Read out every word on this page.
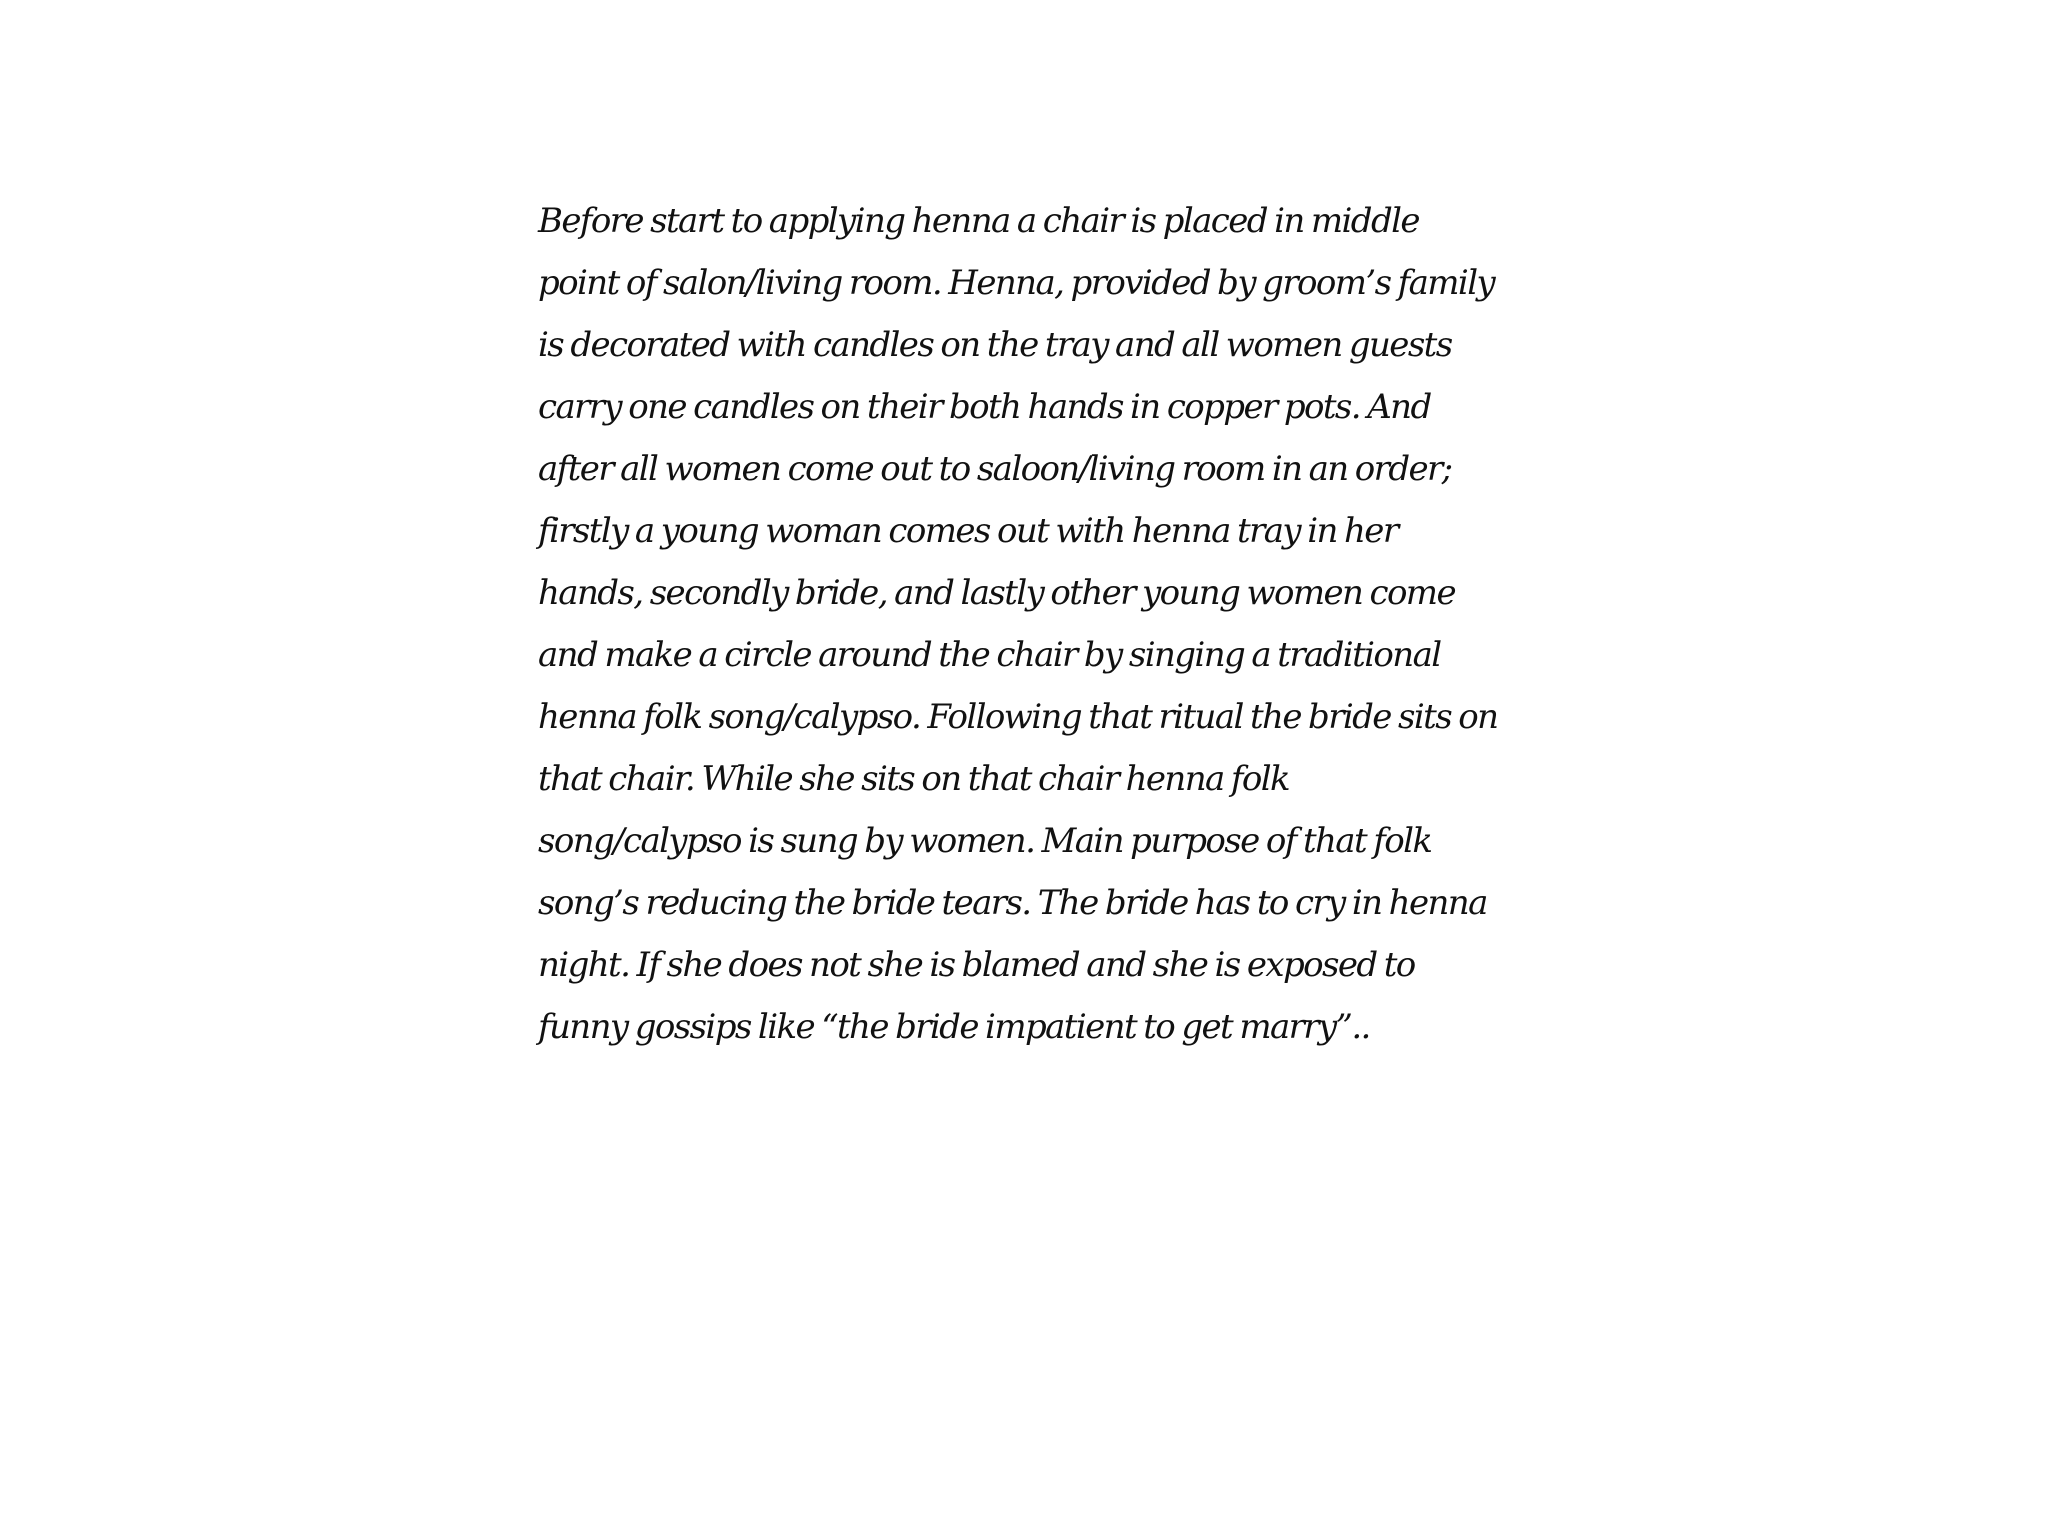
Before start to applying henna a chair is placed in middle
point of salon/living room. Henna, provided by groom’s family
is decorated with candles on the tray and all women guests
carry one candles on their both hands in copper pots. And
after all women come out to saloon/living room in an order;
firstly a young woman comes out with henna tray in her
hands, secondly bride, and lastly other young women come
and make a circle around the chair by singing a traditional
henna folk song/calypso. Following that ritual the bride sits on
that chair. While she sits on that chair henna folk
song/calypso is sung by women. Main purpose of that folk
song’s reducing the bride tears. The bride has to cry in henna
night. If she does not she is blamed and she is exposed to
funny gossips like “the bride impatient to get marry”..
